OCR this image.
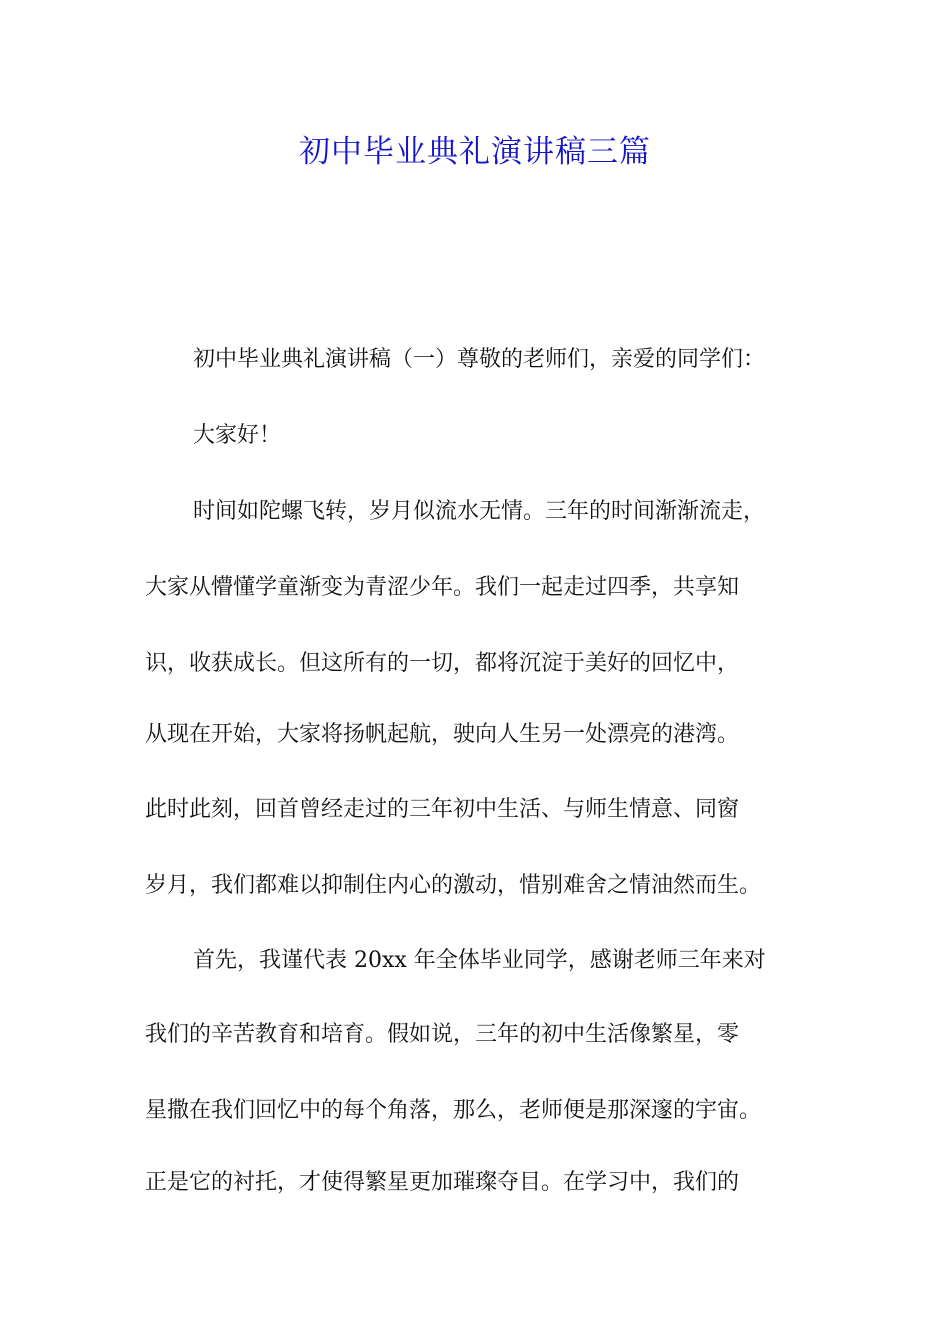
初中毕业典礼演讲稿三篇

初中毕业典礼演讲稿（一）尊敬的老师们，亲爱的同学们：

大家好！

时间如陀螺飞转，岁月似流水无情。三年的时间渐渐流走，

大家从懵懂学童渐变为青涩少年。我们一起走过四季，共享知

识，收获成长。但这所有的一切，都将沉淀于美好的回忆中，

从现在开始，大家将扬帆起航，驶向人生另一处漂亮的港湾。

此时此刻，回首曾经走过的三年初中生活、与师生情意、同窗

岁月，我们都难以抑制住内心的激动，惜别难舍之情油然而生。

首先，我谨代表 20xx 年全体毕业同学，感谢老师三年来对

我们的辛苦教育和培育。假如说，三年的初中生活像繁星，零

星撒在我们回忆中的每个角落，那么，老师便是那深邃的宇宙。

正是它的衬托，才使得繁星更加璀璨夺目。在学习中，我们的
